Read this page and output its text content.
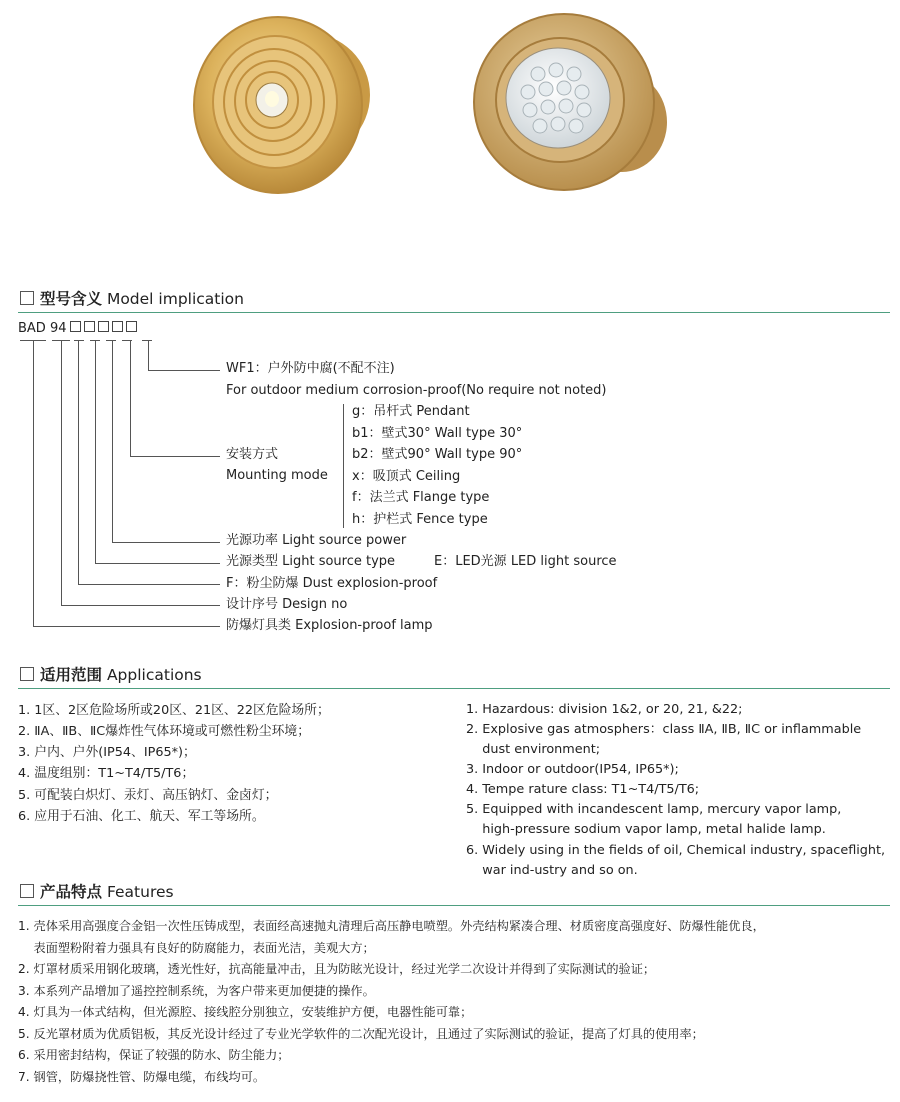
型号含义 Model implication
BAD 94
WF1：户外防中腐(不配不注)
For outdoor medium corrosion-proof(No require not noted)
安装方式
Mounting mode
g：吊杆式 Pendant
b1：壁式30° Wall type 30°
b2：壁式90° Wall type 90°
x：吸顶式 Ceiling
f：法兰式 Flange type
h：护栏式 Fence type
光源功率 Light source power
光源类型 Light source type	E：LED光源 LED light source
F：粉尘防爆 Dust explosion-proof
设计序号 Design no
防爆灯具类 Explosion-proof lamp
适用范围 Applications
1. 1区、2区危险场所或20区、21区、22区危险场所；
2. ⅡA、ⅡB、ⅡC爆炸性气体环境或可燃性粉尘环境；
3. 户内、户外(IP54、IP65*)；
4. 温度组别：T1~T4/T5/T6；
5. 可配装白炽灯、汞灯、高压钠灯、金卤灯；
6. 应用于石油、化工、航天、军工等场所。
1. Hazardous: division 1&2, or 20, 21, &22;
2. Explosive gas atmosphers：class ⅡA, ⅡB, ⅡC or inflammable
dust environment;
3. Indoor or outdoor(IP54, IP65*);
4. Tempe rature class: T1~T4/T5/T6;
5. Equipped with incandescent lamp, mercury vapor lamp,
high-pressure sodium vapor lamp, metal halide lamp.
6. Widely using in the fields of oil, Chemical industry, spaceflight,
war ind-ustry and so on.
产品特点 Features
1. 壳体采用高强度合金铝一次性压铸成型，表面经高速抛丸清理后高压静电喷塑。外壳结构紧凑合理、材质密度高强度好、防爆性能优良，
表面塑粉附着力强具有良好的防腐能力，表面光洁，美观大方；
2. 灯罩材质采用钢化玻璃，透光性好，抗高能量冲击，且为防眩光设计，经过光学二次设计并得到了实际测试的验证；
3. 本系列产品增加了遥控控制系统，为客户带来更加便捷的操作。
4. 灯具为一体式结构，但光源腔、接线腔分别独立，安装维护方便，电器性能可靠；
5. 反光罩材质为优质铝板，其反光设计经过了专业光学软件的二次配光设计，且通过了实际测试的验证，提高了灯具的使用率；
6. 采用密封结构，保证了较强的防水、防尘能力；
7. 钢管，防爆挠性管、防爆电缆，布线均可。
